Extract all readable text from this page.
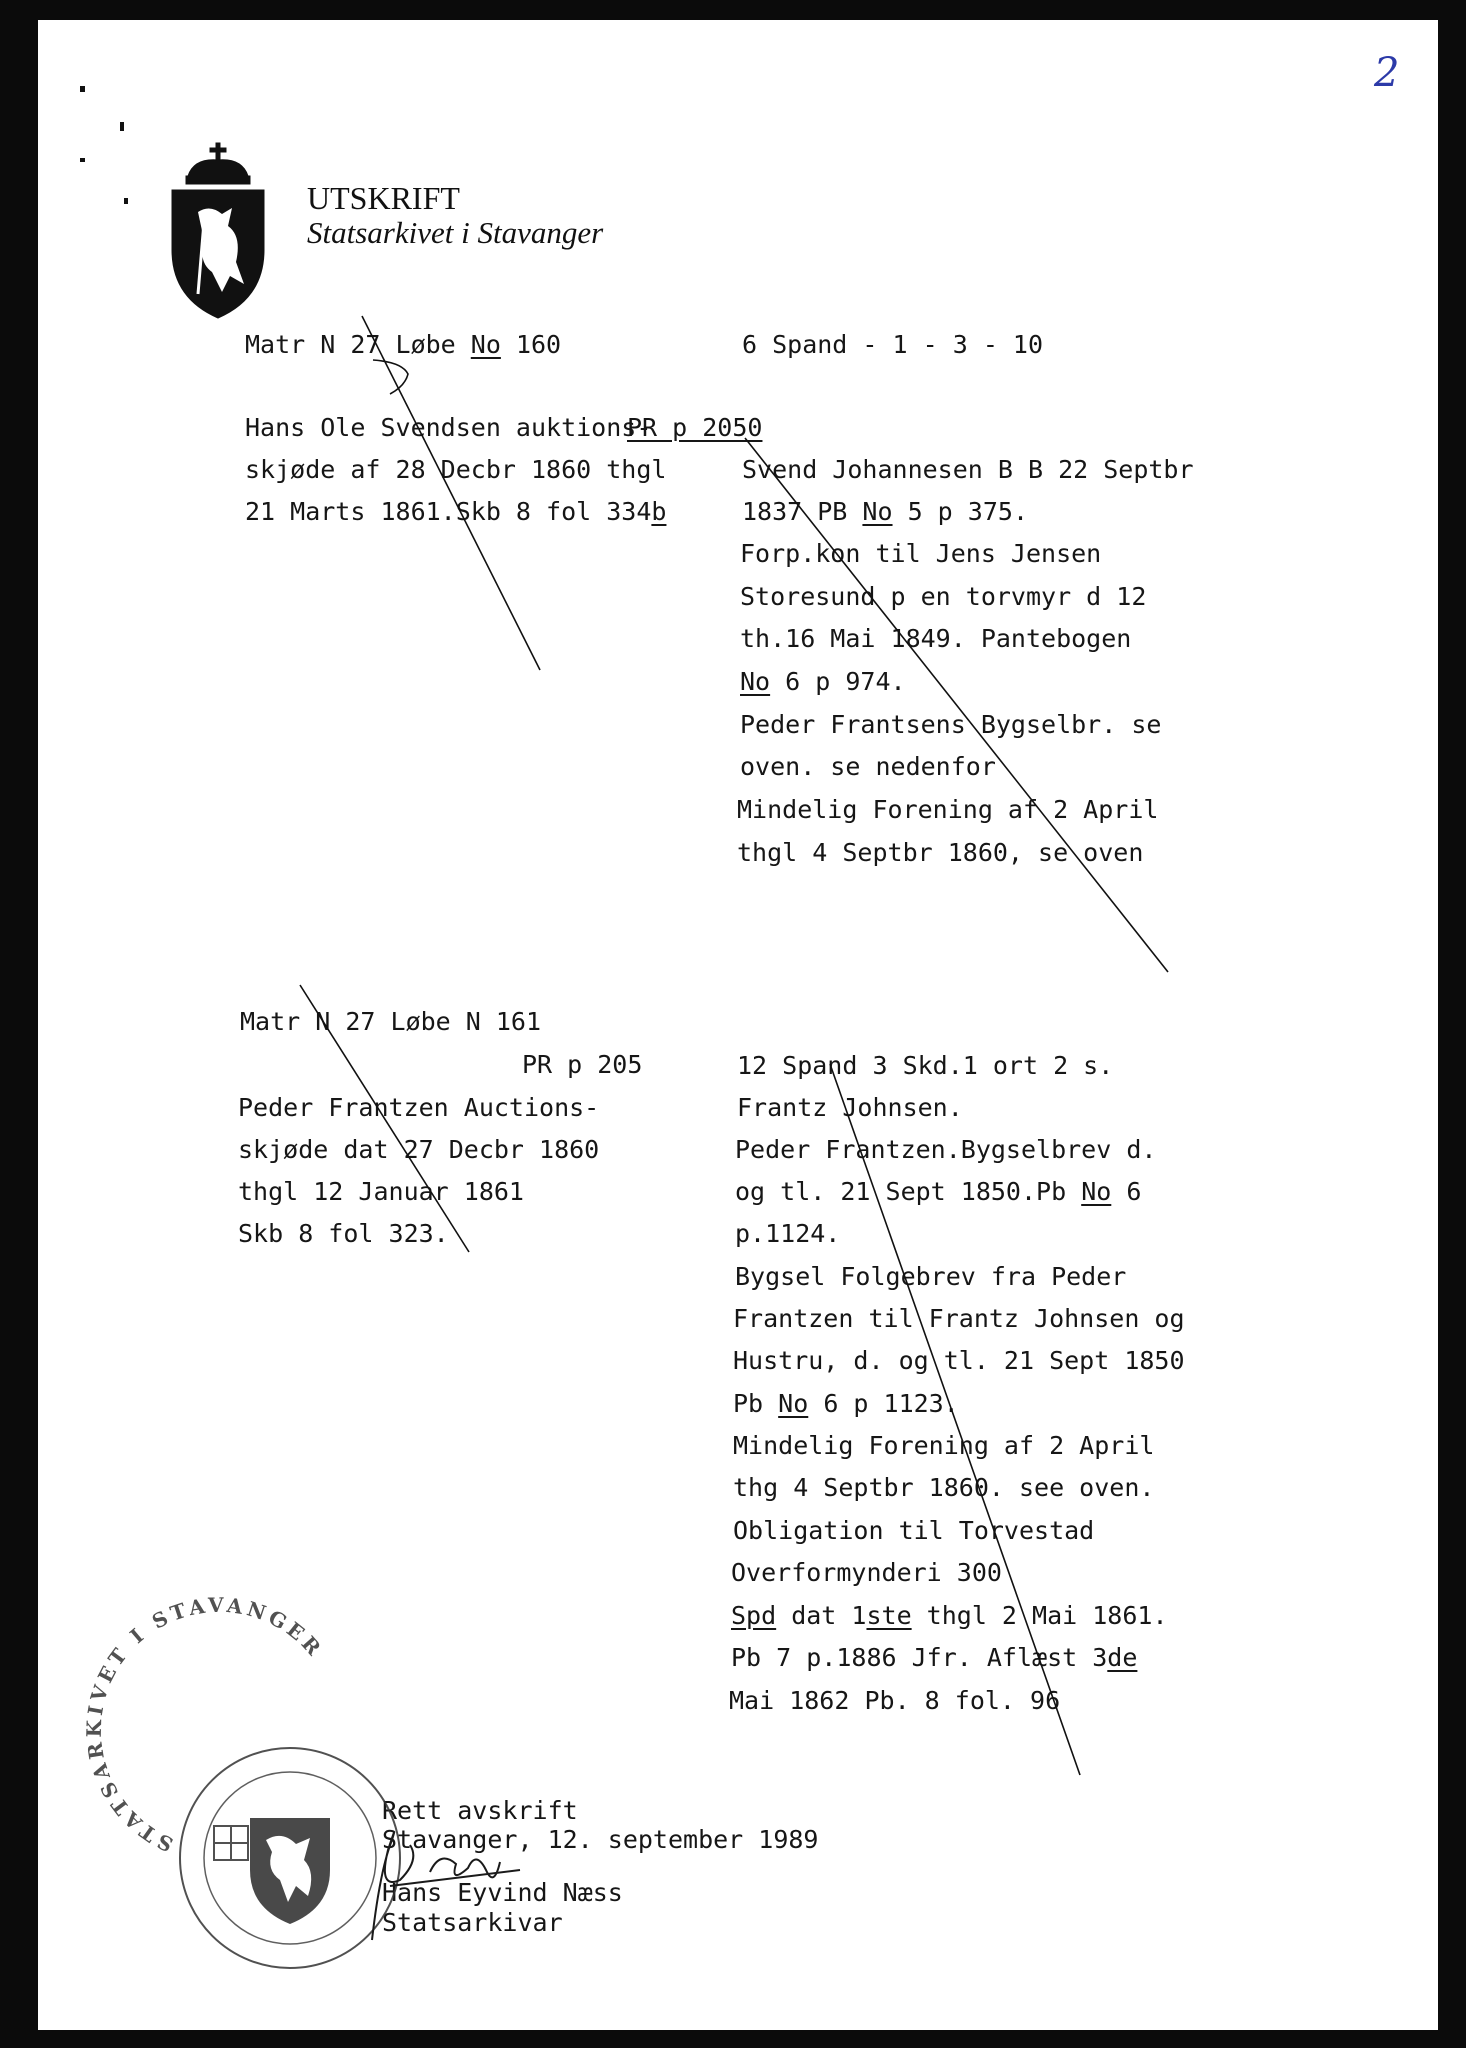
UTSKRIFT
Statsarkivet i Stavanger
2
Matr N 27 Løbe No 160	6 Spand - 1 - 3 - 10
Hans Ole Svendsen auktions-
PR p 2050
skjøde af 28 Decbr 1860 thgl
21 Marts 1861.Skb 8 fol 334b
Svend Johannesen B B 22 Septbr
1837 PB No 5 p 375.
Forp.kon til Jens Jensen
Storesund p en torvmyr d 12
th.16 Mai 1849. Pantebogen
No 6 p 974.
Peder Frantsens Bygselbr. se
oven. se nedenfor
Mindelig Forening af 2 April
thgl 4 Septbr 1860, se oven
Matr N 27 Løbe N 161
PR p 205	12 Spand 3 Skd.1 ort 2 s.
Peder Frantzen Auctions-
skjøde dat 27 Decbr 1860
thgl 12 Januar 1861
Skb 8 fol 323.
Frantz Johnsen.
Peder Frantzen.Bygselbrev d.
og tl. 21 Sept 1850.Pb No 6
p.1124.
Bygsel Folgebrev fra Peder
Frantzen til Frantz Johnsen og
Hustru, d. og tl. 21 Sept 1850
Pb No 6 p 1123.
Mindelig Forening af 2 April
thg 4 Septbr 1860. see oven.
Obligation til Torvestad
Overformynderi 300
Spd dat 1ste thgl 2 Mai 1861.
Pb 7 p.1886 Jfr. Aflæst 3de
Mai 1862 Pb. 8 fol. 96
Rett avskrift
Stavanger, 12. september 1989
Hans Eyvind Næss
Statsarkivar
STATSARKIVET I STAVANGER
